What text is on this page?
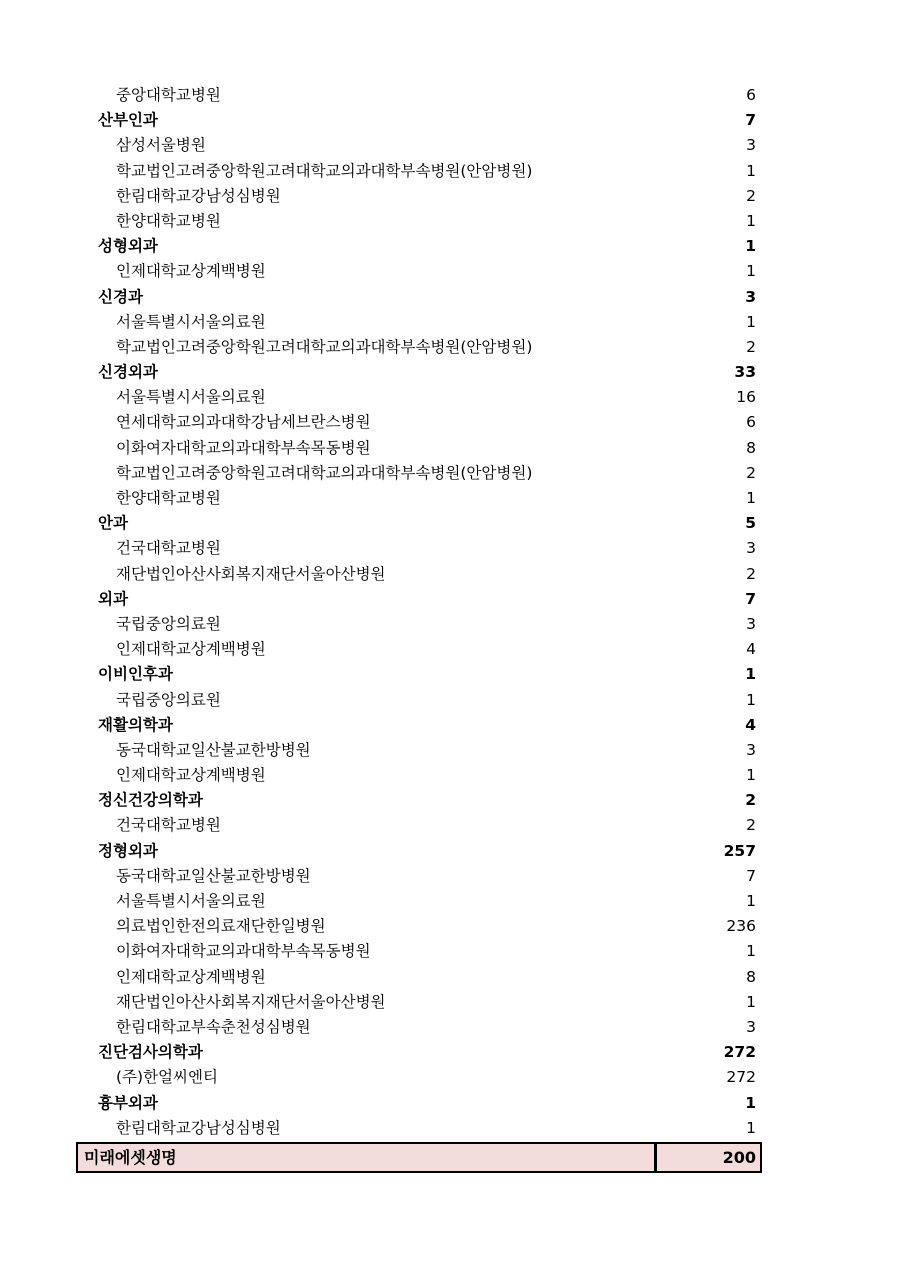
중앙대학교병원	6
산부인과	7
삼성서울병원	3
학교법인고려중앙학원고려대학교의과대학부속병원(안암병원)	1
한림대학교강남성심병원	2
한양대학교병원	1
성형외과	1
인제대학교상계백병원	1
신경과	3
서울특별시서울의료원	1
학교법인고려중앙학원고려대학교의과대학부속병원(안암병원)	2
신경외과	33
서울특별시서울의료원	16
연세대학교의과대학강남세브란스병원	6
이화여자대학교의과대학부속목동병원	8
학교법인고려중앙학원고려대학교의과대학부속병원(안암병원)	2
한양대학교병원	1
안과	5
건국대학교병원	3
재단법인아산사회복지재단서울아산병원	2
외과	7
국립중앙의료원	3
인제대학교상계백병원	4
이비인후과	1
국립중앙의료원	1
재활의학과	4
동국대학교일산불교한방병원	3
인제대학교상계백병원	1
정신건강의학과	2
건국대학교병원	2
정형외과	257
동국대학교일산불교한방병원	7
서울특별시서울의료원	1
의료법인한전의료재단한일병원	236
이화여자대학교의과대학부속목동병원	1
인제대학교상계백병원	8
재단법인아산사회복지재단서울아산병원	1
한림대학교부속춘천성심병원	3
진단검사의학과	272
(주)한얼씨엔티	272
흉부외과	1
한림대학교강남성심병원	1
미래에셋생명	200
